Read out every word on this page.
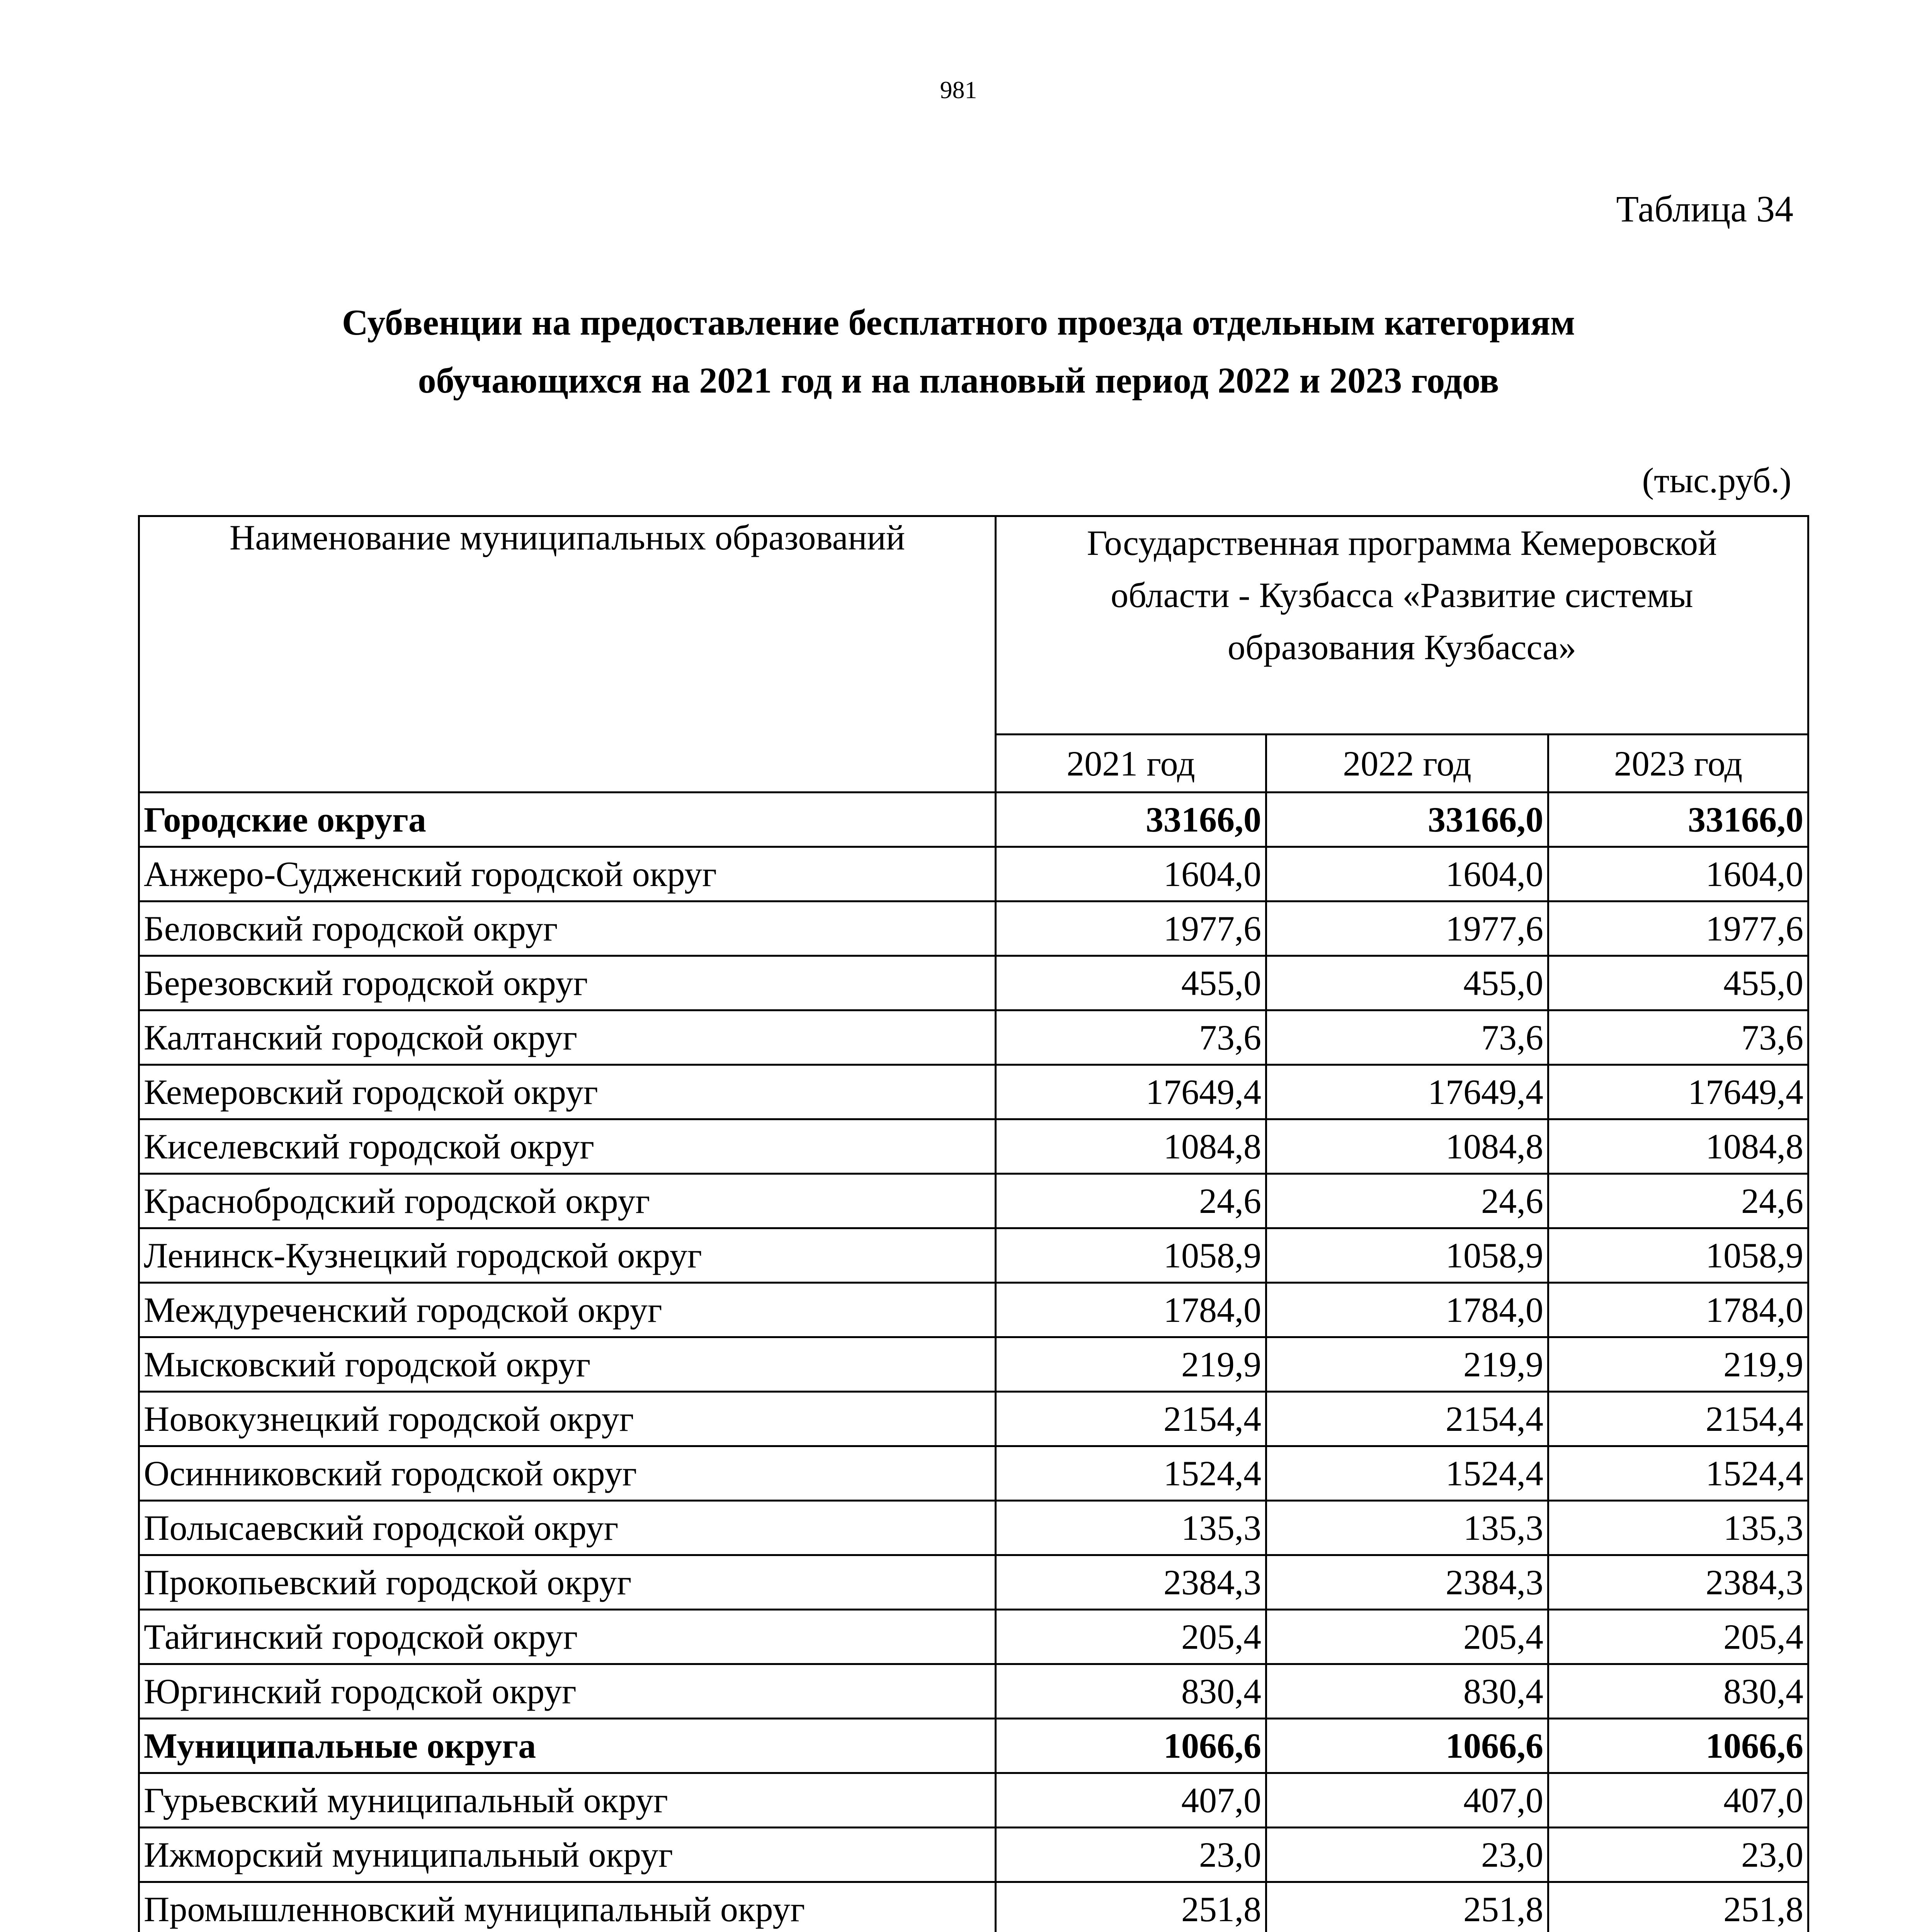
981
Таблица 34
Субвенции на предоставление бесплатного проезда отдельным категориям
обучающихся на 2021 год и на плановый период 2022 и 2023 годов
(тыс.руб.)
Наименование муниципальных образований	Государственная программа Кемеровской
области - Кузбасса «Развитие системы
образования Кузбасса»		

	2021 год	2022 год	2023 год
Городские округа	33166,0	33166,0	33166,0
Анжеро-Судженский городской округ	1604,0	1604,0	1604,0
Беловский городской округ	1977,6	1977,6	1977,6
Березовский городской округ	455,0	455,0	455,0
Калтанский городской округ	73,6	73,6	73,6
Кемеровский городской округ	17649,4	17649,4	17649,4
Киселевский городской округ	1084,8	1084,8	1084,8
Краснобродский городской округ	24,6	24,6	24,6
Ленинск-Кузнецкий городской округ	1058,9	1058,9	1058,9
Междуреченский городской округ	1784,0	1784,0	1784,0
Мысковский городской округ	219,9	219,9	219,9
Новокузнецкий городской округ	2154,4	2154,4	2154,4
Осинниковский городской округ	1524,4	1524,4	1524,4
Полысаевский городской округ	135,3	135,3	135,3
Прокопьевский городской округ	2384,3	2384,3	2384,3
Тайгинский городской округ	205,4	205,4	205,4
Юргинский городской округ	830,4	830,4	830,4
Муниципальные округа	1066,6	1066,6	1066,6
Гурьевский муниципальный округ	407,0	407,0	407,0
Ижморский муниципальный округ	23,0	23,0	23,0
Промышленновский муниципальный округ	251,8	251,8	251,8
